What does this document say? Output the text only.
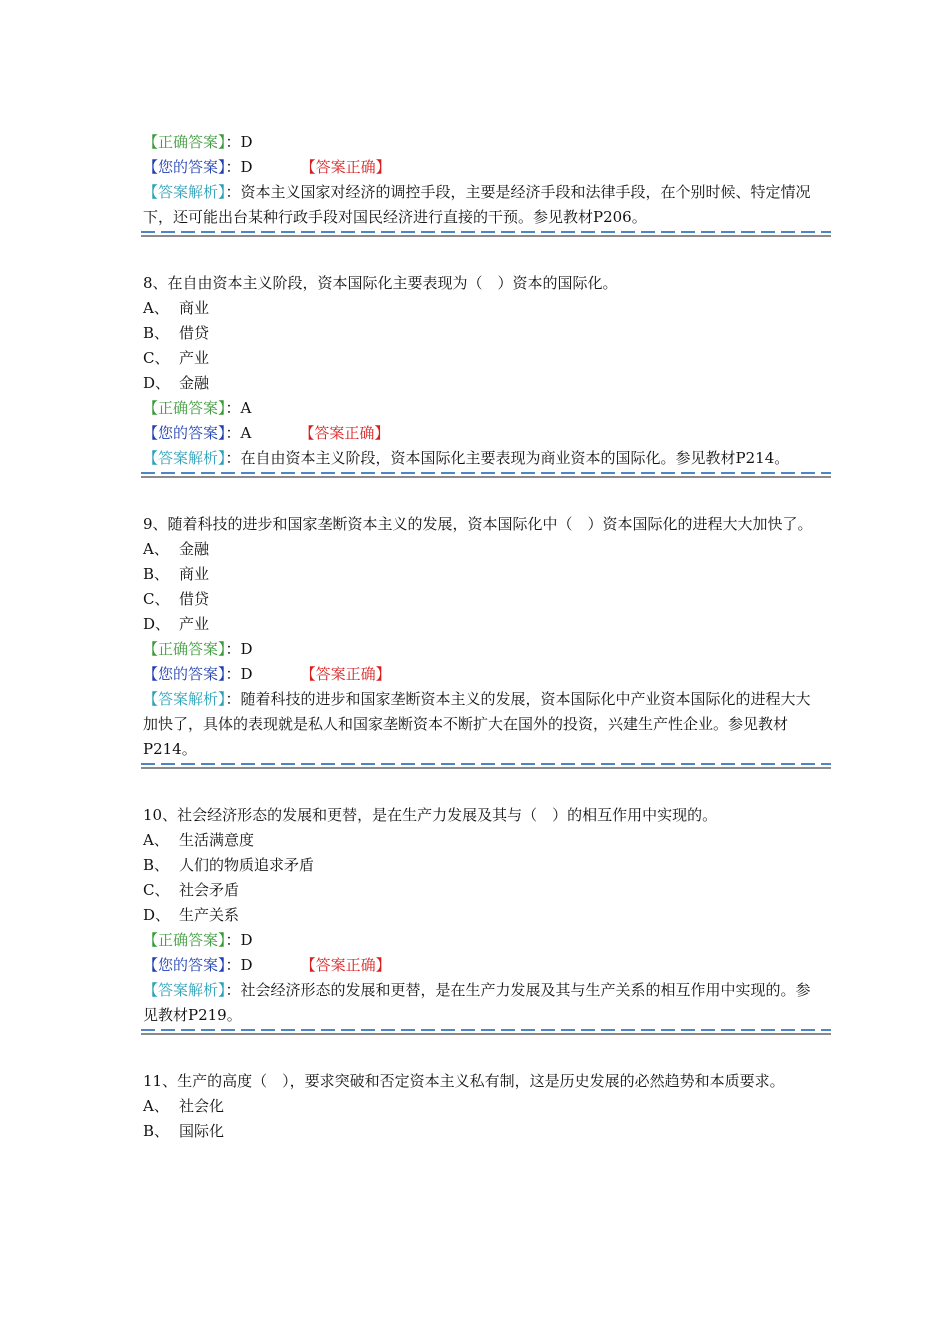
【正确答案】：D
【您的答案】：D	【答案正确】
【答案解析】：资本主义国家对经济的调控手段，主要是经济手段和法律手段，在个别时候、特定情况下，还可能出台某种行政手段对国民经济进行直接的干预。参见教材P206。
8、在自由资本主义阶段，资本国际化主要表现为（　）资本的国际化。
A、 商业
B、 借贷
C、 产业
D、 金融
【正确答案】：A
【您的答案】：A	【答案正确】
【答案解析】：在自由资本主义阶段，资本国际化主要表现为商业资本的国际化。参见教材P214。
9、随着科技的进步和国家垄断资本主义的发展，资本国际化中（　）资本国际化的进程大大加快了。
A、 金融
B、 商业
C、 借贷
D、 产业
【正确答案】：D
【您的答案】：D	【答案正确】
【答案解析】：随着科技的进步和国家垄断资本主义的发展，资本国际化中产业资本国际化的进程大大加快了，具体的表现就是私人和国家垄断资本不断扩大在国外的投资，兴建生产性企业。参见教材P214。
10、社会经济形态的发展和更替，是在生产力发展及其与（　）的相互作用中实现的。
A、 生活满意度
B、 人们的物质追求矛盾
C、 社会矛盾
D、 生产关系
【正确答案】：D
【您的答案】：D	【答案正确】
【答案解析】：社会经济形态的发展和更替，是在生产力发展及其与生产关系的相互作用中实现的。参见教材P219。
11、生产的高度（　），要求突破和否定资本主义私有制，这是历史发展的必然趋势和本质要求。
A、 社会化
B、 国际化
